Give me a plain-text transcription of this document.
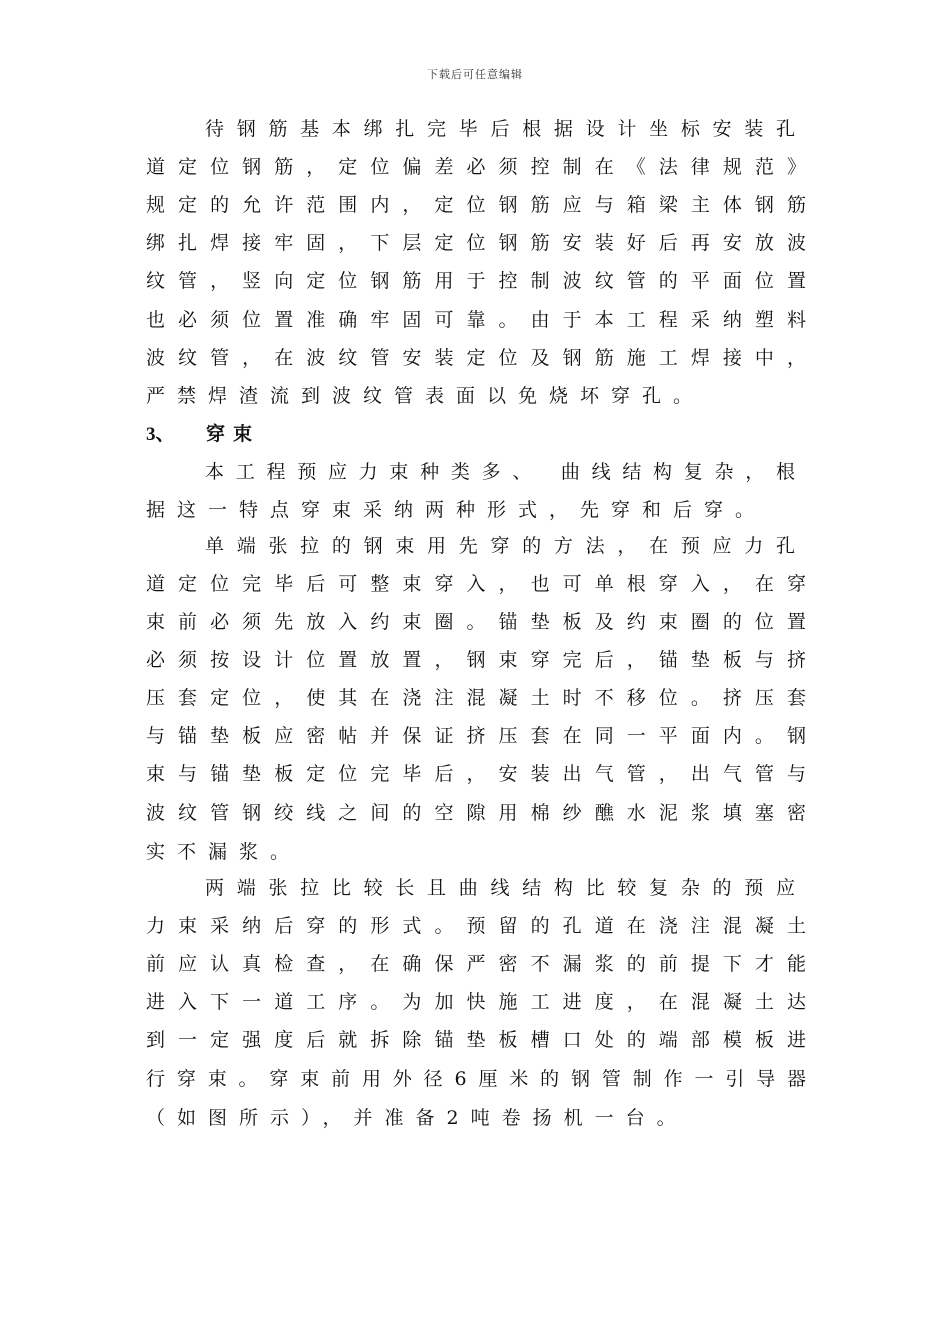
下载后可任意编辑
待钢筋基本绑扎完毕后根据设计坐标安装孔
道定位钢筋，定位偏差必须控制在《法律规范》
规定的允许范围内，定位钢筋应与箱梁主体钢筋
绑扎焊接牢固，下层定位钢筋安装好后再安放波
纹管，竖向定位钢筋用于控制波纹管的平面位置
也必须位置准确牢固可靠。由于本工程采纳塑料
波纹管，在波纹管安装定位及钢筋施工焊接中，
严禁焊渣流到波纹管表面以免烧坏穿孔。
3、 穿束
本工程预应力束种类多、 曲线结构复杂，根
据这一特点穿束采纳两种形式，先穿和后穿。
单端张拉的钢束用先穿的方法，在预应力孔
道定位完毕后可整束穿入，也可单根穿入，在穿
束前必须先放入约束圈。锚垫板及约束圈的位置
必须按设计位置放置，钢束穿完后，锚垫板与挤
压套定位，使其在浇注混凝土时不移位。挤压套
与锚垫板应密帖并保证挤压套在同一平面内。钢
束与锚垫板定位完毕后，安装出气管，出气管与
波纹管钢绞线之间的空隙用棉纱醮水泥浆填塞密
实不漏浆。
两端张拉比较长且曲线结构比较复杂的预应
力束采纳后穿的形式。预留的孔道在浇注混凝土
前应认真检查，在确保严密不漏浆的前提下才能
进入下一道工序。为加快施工进度，在混凝土达
到一定强度后就拆除锚垫板槽口处的端部模板进
行穿束。穿束前用外径6厘米的钢管制作一引导器
（如图所示），并准备2吨卷扬机一台。
